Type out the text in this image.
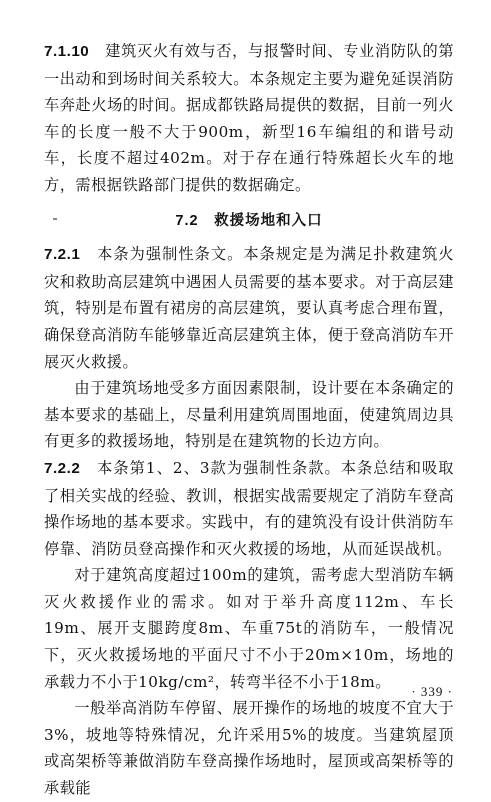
7.1.10　 建筑灭火有效与否，与报警时间、专业消防队的第一出动和到场时间关系较大。本条规定主要为避免延误消防车奔赴火场的时间。据成都铁路局提供的数据，目前一列火车的长度一般不大于900m，新型16车编组的和谐号动车，长度不超过402m。对于存在通行特殊超长火车的地方，需根据铁路部门提供的数据确定。

7.2　救援场地和入口

7.2.1　 本条为强制性条文。本条规定是为满足扑救建筑火灾和救助高层建筑中遇困人员需要的基本要求。对于高层建筑，特别是布置有裙房的高层建筑，要认真考虑合理布置，确保登高消防车能够靠近高层建筑主体，便于登高消防车开展灭火救援。

由于建筑场地受多方面因素限制，设计要在本条确定的基本要求的基础上，尽量利用建筑周围地面，使建筑周边具有更多的救援场地，特别是在建筑物的长边方向。

7.2.2　 本条第1、2、3款为强制性条款。本条总结和吸取了相关实战的经验、教训，根据实战需要规定了消防车登高操作场地的基本要求。实践中，有的建筑没有设计供消防车停靠、消防员登高操作和灭火救援的场地，从而延误战机。

对于建筑高度超过100m的建筑，需考虑大型消防车辆灭火救援作业的需求。如对于举升高度112m、车长19m、展开支腿跨度8m、车重75t的消防车，一般情况下，灭火救援场地的平面尺寸不小于20m×10m，场地的承载力不小于10kg/cm²，转弯半径不小于18m。

一般举高消防车停留、展开操作的场地的坡度不宜大于3%，坡地等特殊情况，允许采用5%的坡度。当建筑屋顶或高架桥等兼做消防车登高操作场地时，屋顶或高架桥等的承载能

· 339 ·
